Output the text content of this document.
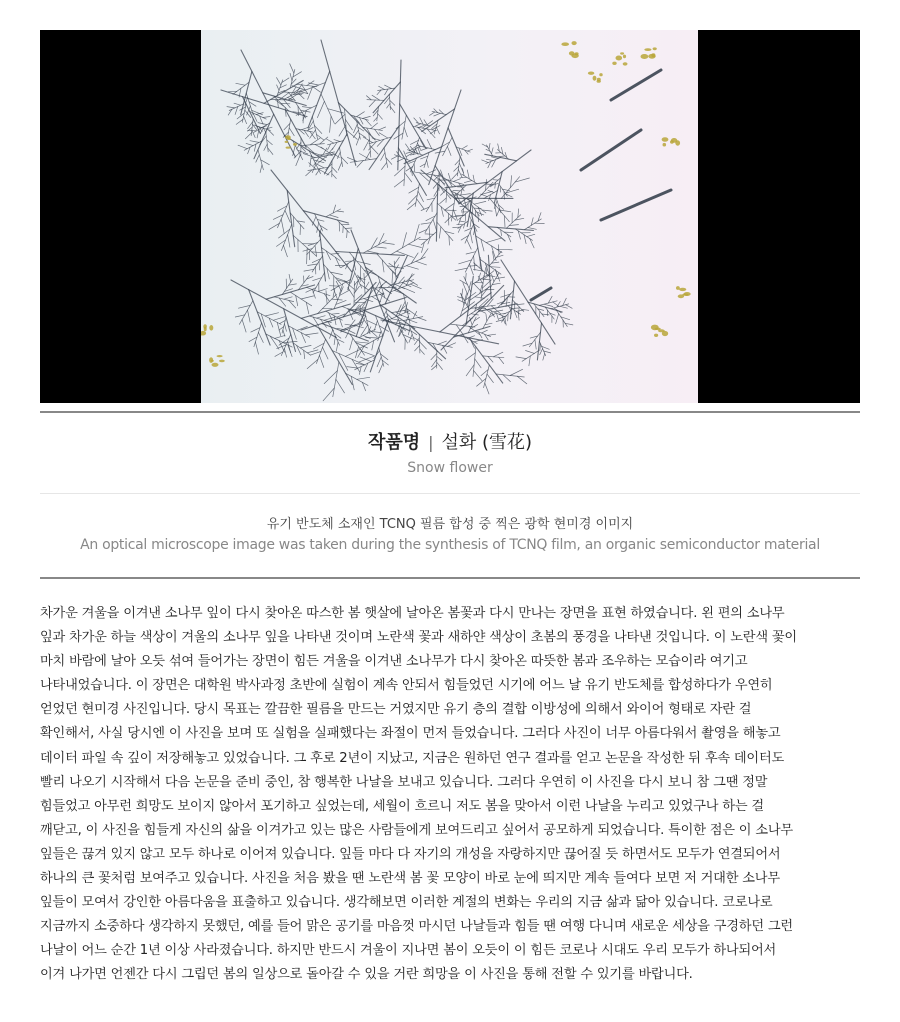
작품명 | 설화 (雪花)
Snow flower
유기 반도체 소재인 TCNQ 필름 합성 중 찍은 광학 현미경 이미지
An optical microscope image was taken during the synthesis of TCNQ film, an organic semiconductor material
차가운 겨울을 이겨낸 소나무 잎이 다시 찾아온 따스한 봄 햇살에 날아온 봄꽃과 다시 만나는 장면을 표현 하였습니다. 왼 편의 소나무
잎과 차가운 하늘 색상이 겨울의 소나무 잎을 나타낸 것이며 노란색 꽃과 새하얀 색상이 초봄의 풍경을 나타낸 것입니다. 이 노란색 꽃이
마치 바람에 날아 오듯 섞여 들어가는 장면이 힘든 겨울을 이겨낸 소나무가 다시 찾아온 따뜻한 봄과 조우하는 모습이라 여기고
나타내었습니다. 이 장면은 대학원 박사과정 초반에 실험이 계속 안되서 힘들었던 시기에 어느 날 유기 반도체를 합성하다가 우연히
얻었던 현미경 사진입니다. 당시 목표는 깔끔한 필름을 만드는 거였지만 유기 층의 결합 이방성에 의해서 와이어 형태로 자란 걸
확인해서, 사실 당시엔 이 사진을 보며 또 실험을 실패했다는 좌절이 먼저 들었습니다. 그러다 사진이 너무 아름다워서 촬영을 해놓고
데이터 파일 속 깊이 저장해놓고 있었습니다. 그 후로 2년이 지났고, 지금은 원하던 연구 결과를 얻고 논문을 작성한 뒤 후속 데이터도
빨리 나오기 시작해서 다음 논문을 준비 중인, 참 행복한 나날을 보내고 있습니다. 그러다 우연히 이 사진을 다시 보니 참 그땐 정말
힘들었고 아무런 희망도 보이지 않아서 포기하고 싶었는데, 세월이 흐르니 저도 봄을 맞아서 이런 나날을 누리고 있었구나 하는 걸
깨닫고, 이 사진을 힘들게 자신의 삶을 이겨가고 있는 많은 사람들에게 보여드리고 싶어서 공모하게 되었습니다. 특이한 점은 이 소나무
잎들은 끊겨 있지 않고 모두 하나로 이어져 있습니다. 잎들 마다 다 자기의 개성을 자랑하지만 끊어질 듯 하면서도 모두가 연결되어서
하나의 큰 꽃처럼 보여주고 있습니다. 사진을 처음 봤을 땐 노란색 봄 꽃 모양이 바로 눈에 띄지만 계속 들여다 보면 저 거대한 소나무
잎들이 모여서 강인한 아름다움을 표출하고 있습니다. 생각해보면 이러한 계절의 변화는 우리의 지금 삶과 닮아 있습니다. 코로나로
지금까지 소중하다 생각하지 못했던, 예를 들어 맑은 공기를 마음껏 마시던 나날들과 힘들 땐 여행 다니며 새로운 세상을 구경하던 그런
나날이 어느 순간 1년 이상 사라졌습니다. 하지만 반드시 겨울이 지나면 봄이 오듯이 이 힘든 코로나 시대도 우리 모두가 하나되어서
이겨 나가면 언젠간 다시 그립던 봄의 일상으로 돌아갈 수 있을 거란 희망을 이 사진을 통해 전할 수 있기를 바랍니다.
